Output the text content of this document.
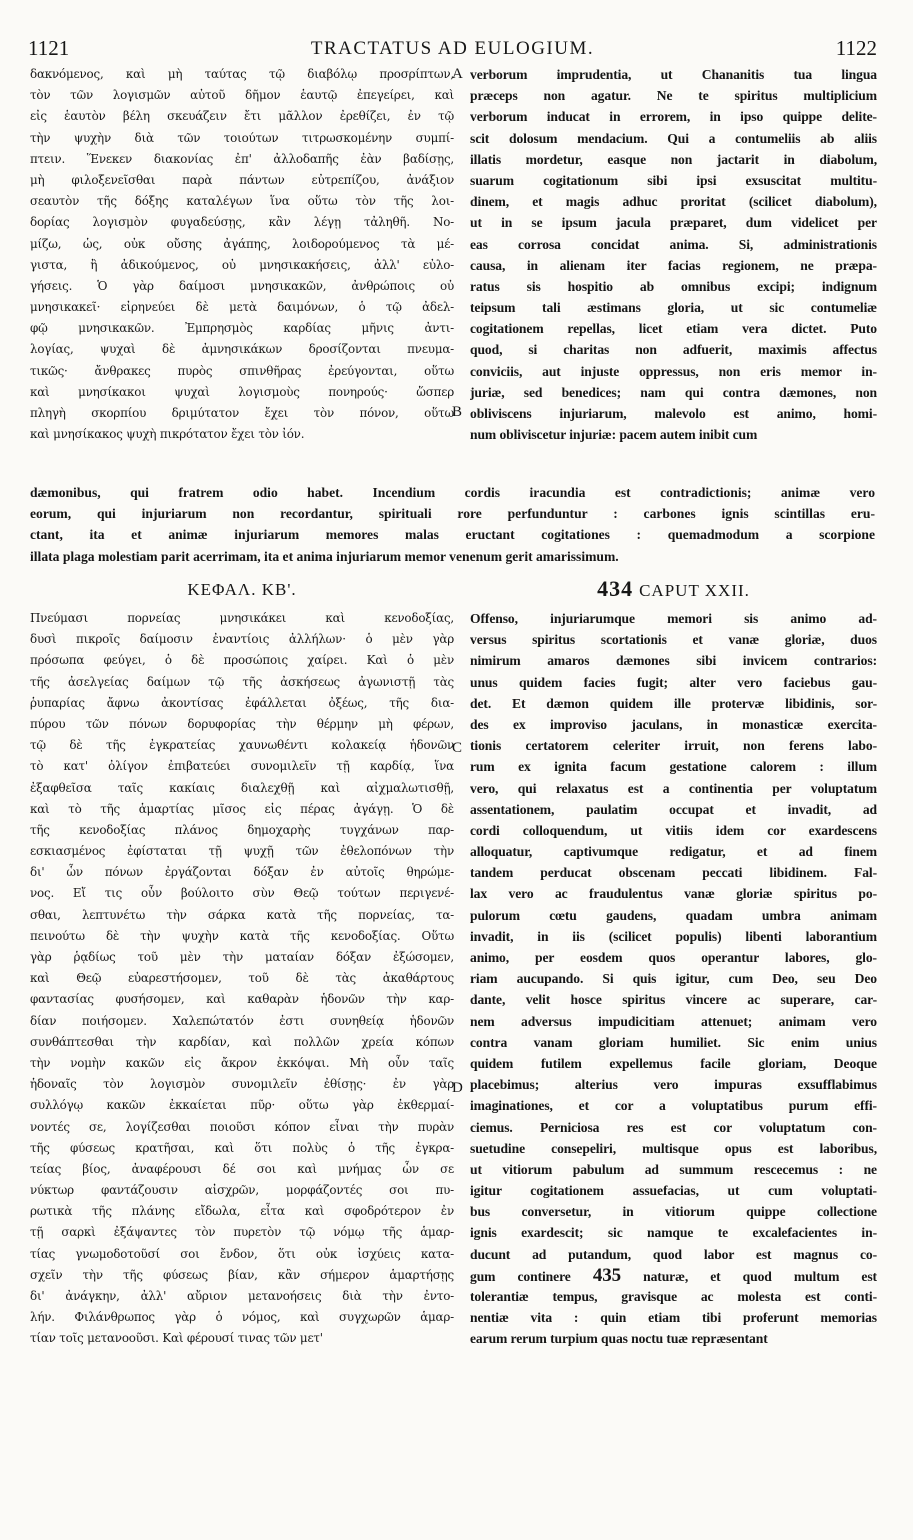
1121	TRACTATUS AD EULOGIUM.	1122
δακνόμενος, καὶ μὴ ταύτας τῷ διαβόλῳ προσρίπτων,
τὸν τῶν λογισμῶν αὐτοῦ δῆμον ἑαυτῷ ἐπεγείρει, καὶ
εἰς ἑαυτὸν βέλη σκευάζειν ἔτι μᾶλλον ἐρεθίζει, ἐν τῷ
τὴν ψυχὴν διὰ τῶν τοιούτων τιτρωσκομένην συμπί-
πτειν. Ἕνεκεν διακονίας ἐπ' ἀλλοδαπῆς ἐὰν βαδίσῃς,
μὴ φιλοξενεῖσθαι παρὰ πάντων εὐτρεπίζου, ἀνάξιον
σεαυτὸν τῆς δόξης καταλέγων ἵνα οὕτω τὸν τῆς λοι-
δορίας λογισμὸν φυγαδεύσῃς, κἂν λέγῃ τἀληθῆ. Νο-
μίζω, ὡς, οὐκ οὔσης ἀγάπης, λοιδορούμενος τὰ μέ-
γιστα, ἢ ἀδικούμενος, οὐ μνησικακήσεις, ἀλλ' εὐλο-
γήσεις. Ὁ γὰρ δαίμοσι μνησικακῶν, ἀνθρώποις οὐ
μνησικακεῖ· εἰρηνεύει δὲ μετὰ δαιμόνων, ὁ τῷ ἀδελ-
φῷ μνησικακῶν. Ἐμπρησμὸς καρδίας μῆνις ἀντι-
λογίας, ψυχαὶ δὲ ἀμνησικάκων δροσίζονται πνευμα-
τικῶς· ἄνθρακες πυρὸς σπινθῆρας ἐρεύγονται, οὕτω
καὶ μνησίκακοι ψυχαὶ λογισμοὺς πονηρούς· ὥσπερ
πληγὴ σκορπίου δριμύτατον ἔχει τὸν πόνον, οὕτω
καὶ μνησίκακος ψυχὴ πικρότατον ἔχει τὸν ἰόν.
A verborum imprudentia, ut Chananitis tua lingua
præceps non agatur. Ne te spiritus multiplicium
verborum inducat in errorem, in ipso quippe delite-
scit dolosum mendacium. Qui a contumeliis ab aliis
illatis mordetur, easque non jactarit in diabolum,
suarum cogitationum sibi ipsi exsuscitat multitu-
dinem, et magis adhuc proritat (scilicet diabolum),
ut in se ipsum jacula præparet, dum videlicet per
eas corrosa concidat anima. Si, administrationis
causa, in alienam iter facias regionem, ne præpa-
ratus sis hospitio ab omnibus excipi; indignum
teipsum tali æstimans gloria, ut sic contumeliæ
cogitationem repellas, licet etiam vera dictet. Puto
quod, si charitas non adfuerit, maximis affectus
conviciis, aut injuste oppressus, non eris memor in-
juriæ, sed benedices; nam qui contra dæmones, non
obliviscens injuriarum, malevolo est animo, homi-
num obliviscetur injuriæ: pacem autem inibit cum
B
dæmonibus, qui fratrem odio habet. Incendium cordis iracundia est contradictionis; animæ vero
eorum, qui injuriarum non recordantur, spirituali rore perfunduntur : carbones ignis scintillas eru-
ctant, ita et animæ injuriarum memores malas eructant cogitationes : quemadmodum a scorpione
illata plaga molestiam parit acerrimam, ita et anima injuriarum memor venenum gerit amarissimum.
ΚΕΦΑΛ. ΚΒ'.	434 CAPUT XXII.
Πνεύμασι πορνείας μνησικάκει καὶ κενοδοξίας,
δυσὶ πικροῖς δαίμοσιν ἐναντίοις ἀλλήλων· ὁ μὲν γὰρ
πρόσωπα φεύγει, ὁ δὲ προσώποις χαίρει. Καὶ ὁ μὲν
τῆς ἀσελγείας δαίμων τῷ τῆς ἀσκήσεως ἀγωνιστῇ τὰς
ῥυπαρίας ἄφνω ἀκοντίσας ἐφάλλεται ὀξέως, τῆς δια-
πύρου τῶν πόνων δορυφορίας τὴν θέρμην μὴ φέρων,
τῷ δὲ τῆς ἐγκρατείας χαυνωθέντι κολακείᾳ ἡδονῶν
τὸ κατ' ὀλίγον ἐπιβατεύει συνομιλεῖν τῇ καρδίᾳ, ἵνα
ἐξαφθεῖσα ταῖς κακίαις διαλεχθῇ καὶ αἰχμαλωτισθῇ,
καὶ τὸ τῆς ἁμαρτίας μῖσος εἰς πέρας ἀγάγῃ. Ὁ δὲ
τῆς κενοδοξίας πλάνος δημοχαρὴς τυγχάνων παρ-
εσκιασμένος ἐφίσταται τῇ ψυχῇ τῶν ἐθελοπόνων τὴν
δι' ὧν πόνων ἐργάζονται δόξαν ἐν αὐτοῖς θηρώμε-
νος. Εἴ τις οὖν βούλοιτο σὺν Θεῷ τούτων περιγενέ-
σθαι, λεπτυνέτω τὴν σάρκα κατὰ τῆς πορνείας, τα-
πεινούτω δὲ τὴν ψυχὴν κατὰ τῆς κενοδοξίας. Οὕτω
γὰρ ῥᾳδίως τοῦ μὲν τὴν ματαίαν δόξαν ἐξώσομεν,
καὶ Θεῷ εὐαρεστήσομεν, τοῦ δὲ τὰς ἀκαθάρτους
φαντασίας φυσήσομεν, καὶ καθαρὰν ἡδονῶν τὴν καρ-
δίαν ποιήσομεν. Χαλεπώτατόν ἐστι συνηθείᾳ ἡδονῶν
συνθάπτεσθαι τὴν καρδίαν, καὶ πολλῶν χρεία κόπων
τὴν νομὴν κακῶν εἰς ἄκρον ἐκκόψαι. Μὴ οὖν ταῖς
ἡδοναῖς τὸν λογισμὸν συνομιλεῖν ἐθίσῃς· ἐν γὰρ
συλλόγῳ κακῶν ἐκκαίεται πῦρ· οὕτω γὰρ ἐκθερμαί-
νοντές σε, λογίζεσθαι ποιοῦσι κόπον εἶναι τὴν πυρὰν
τῆς φύσεως κρατῆσαι, καὶ ὅτι πολὺς ὁ τῆς ἐγκρα-
τείας βίος, ἀναφέρουσι δέ σοι καὶ μνήμας ὧν σε
νύκτωρ φαντάζουσιν αἰσχρῶν, μορφάζοντές σοι πυ-
ρωτικὰ τῆς πλάνης εἴδωλα, εἶτα καὶ σφοδρότερον ἐν
τῇ σαρκὶ ἐξάψαντες τὸν πυρετὸν τῷ νόμῳ τῆς ἁμαρ-
τίας γνωμοδοτοῦσί σοι ἔνδον, ὅτι οὐκ ἰσχύεις κατα-
σχεῖν τὴν τῆς φύσεως βίαν, κἂν σήμερον ἁμαρτήσῃς
δι' ἀνάγκην, ἀλλ' αὔριον μετανοήσεις διὰ τὴν ἐντο-
λήν. Φιλάνθρωπος γὰρ ὁ νόμος, καὶ συγχωρῶν ἁμαρ-
τίαν τοῖς μετανοοῦσι. Καὶ φέρουσί τινας τῶν μετ'
C
D
Offenso, injuriarumque memori sis animo ad-
versus spiritus scortationis et vanæ gloriæ, duos
nimirum amaros dæmones sibi invicem contrarios:
unus quidem facies fugit; alter vero faciebus gau-
det. Et dæmon quidem ille protervæ libidinis, sor-
des ex improviso jaculans, in monasticæ exercita-
tionis certatorem celeriter irruit, non ferens labo-
rum ex ignita facum gestatione calorem : illum
vero, qui relaxatus est a continentia per voluptatum
assentationem, paulatim occupat et invadit, ad
cordi colloquendum, ut vitiis idem cor exardescens
alloquatur, captivumque redigatur, et ad finem
tandem perducat obscenam peccati libidinem. Fal-
lax vero ac fraudulentus vanæ gloriæ spiritus po-
pulorum cœtu gaudens, quadam umbra animam
invadit, in iis (scilicet populis) libenti laborantium
animo, per eosdem quos operantur labores, glo-
riam aucupando. Si quis igitur, cum Deo, seu Deo
dante, velit hosce spiritus vincere ac superare, car-
nem adversus impudicitiam attenuet; animam vero
contra vanam gloriam humiliet. Sic enim unius
quidem futilem expellemus facile gloriam, Deoque
placebimus; alterius vero impuras exsufflabimus
imaginationes, et cor a voluptatibus purum effi-
ciemus. Perniciosa res est cor voluptatum con-
suetudine consepeliri, multisque opus est laboribus,
ut vitiorum pabulum ad summum rescecemus : ne
igitur cogitationem assuefacias, ut cum voluptati-
bus conversetur, in vitiorum quippe collectione
ignis exardescit; sic namque te excalefacientes in-
ducunt ad putandum, quod labor est magnus co-
gum continere 435 naturæ, et quod multum est
tolerantiæ tempus, gravisque ac molesta est conti-
nentiæ vita : quin etiam tibi proferunt memorias
earum rerum turpium quas noctu tuæ repræsentant
